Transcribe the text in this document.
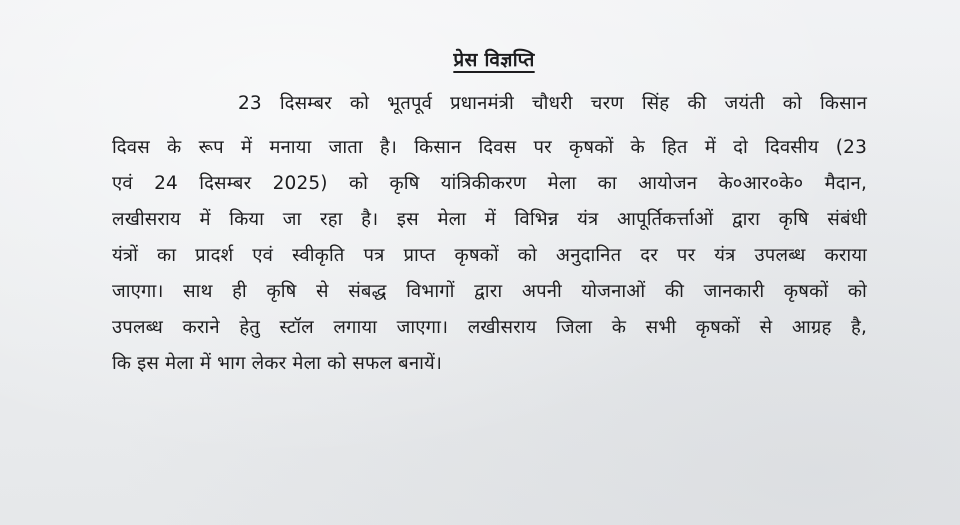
प्रेस विज्ञप्ति
23 दिसम्बर को भूतपूर्व प्रधानमंत्री चौधरी चरण सिंह की जयंती को किसान
दिवस के रूप में मनाया जाता है। किसान दिवस पर कृषकों के हित में दो दिवसीय (23
एवं 24 दिसम्बर 2025) को कृषि यांत्रिकीकरण मेला का आयोजन के०आर०के० मैदान,
लखीसराय में किया जा रहा है। इस मेला में विभिन्न यंत्र आपूर्तिकर्त्ताओं द्वारा कृषि संबंधी
यंत्रों का प्रादर्श एवं स्वीकृति पत्र प्राप्त कृषकों को अनुदानित दर पर यंत्र उपलब्ध कराया
जाएगा। साथ ही कृषि से संबद्ध विभागों द्वारा अपनी योजनाओं की जानकारी कृषकों को
उपलब्ध कराने हेतु स्टॉल लगाया जाएगा। लखीसराय जिला के सभी कृषकों से आग्रह है,
कि इस मेला में भाग लेकर मेला को सफल बनायें।
